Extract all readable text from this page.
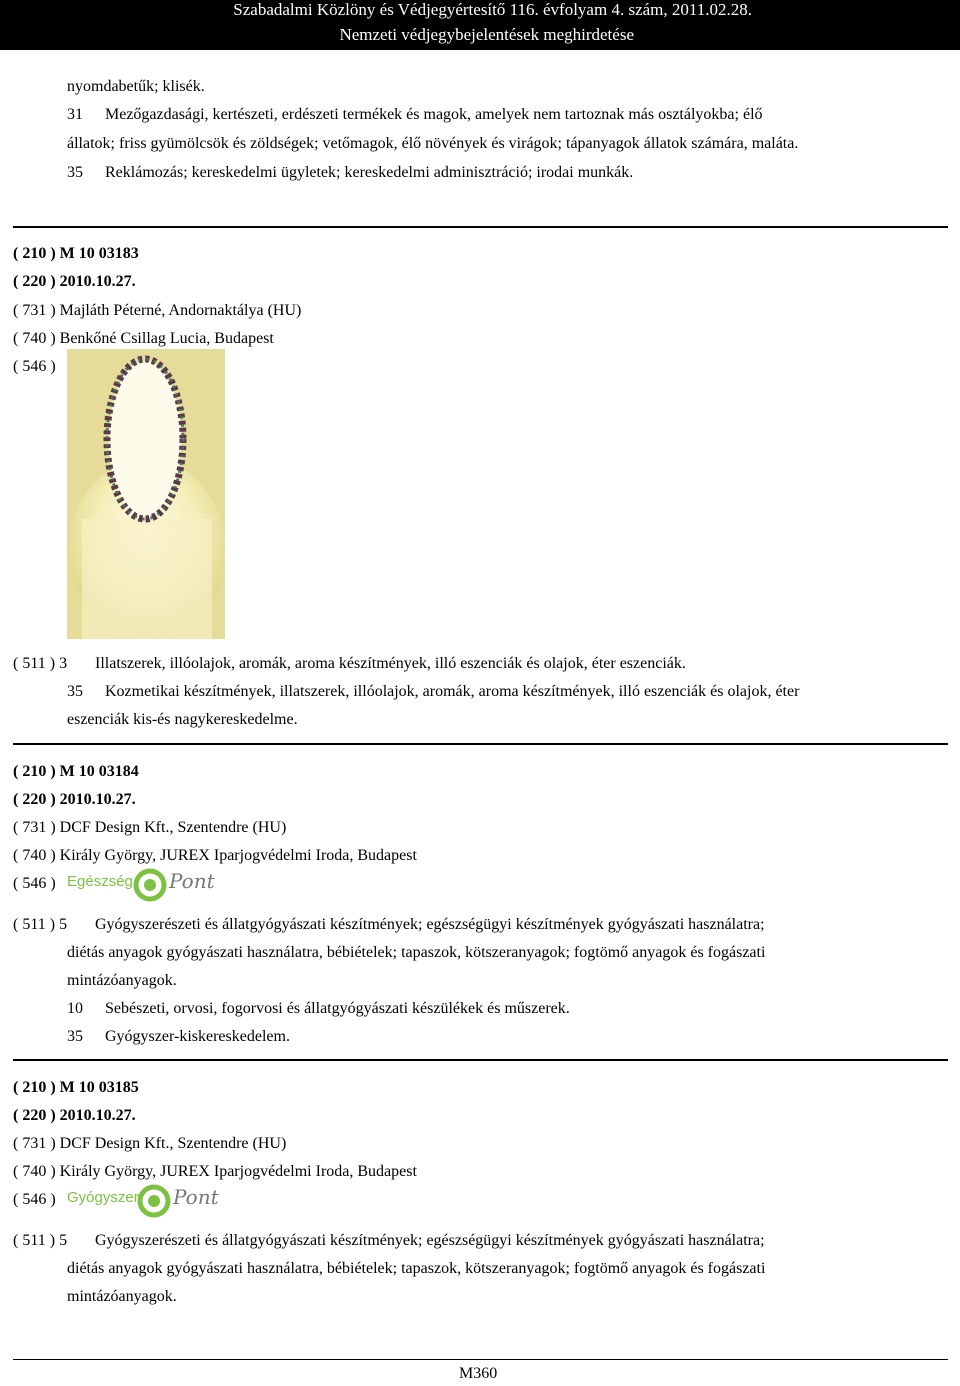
Szabadalmi Közlöny és Védjegyértesítő 116. évfolyam 4. szám, 2011.02.28.
Nemzeti védjegybejelentések meghirdetése
nyomdabetűk; klisék.
31 Mezőgazdasági, kertészeti, erdészeti termékek és magok, amelyek nem tartoznak más osztályokba; élő
állatok; friss gyümölcsök és zöldségek; vetőmagok, élő növények és virágok; tápanyagok állatok számára, maláta.
35 Reklámozás; kereskedelmi ügyletek; kereskedelmi adminisztráció; irodai munkák.
( 210 ) M 10 03183
( 220 ) 2010.10.27.
( 731 ) Majláth Péterné, Andornaktálya (HU)
( 740 ) Benkőné Csillag Lucia, Budapest
( 546 )
( 511 ) 3 Illatszerek, illóolajok, aromák, aroma készítmények, illó eszenciák és olajok, éter eszenciák.
35 Kozmetikai készítmények, illatszerek, illóolajok, aromák, aroma készítmények, illó eszenciák és olajok, éter
eszenciák kis-és nagykereskedelme.
( 210 ) M 10 03184
( 220 ) 2010.10.27.
( 731 ) DCF Design Kft., Szentendre (HU)
( 740 ) Király György, JUREX Iparjogvédelmi Iroda, Budapest
( 546 ) Egészség Pont
( 511 ) 5 Gyógyszerészeti és állatgyógyászati készítmények; egészségügyi készítmények gyógyászati használatra;
diétás anyagok gyógyászati használatra, bébiételek; tapaszok, kötszeranyagok; fogtömő anyagok és fogászati
mintázóanyagok.
10 Sebészeti, orvosi, fogorvosi és állatgyógyászati készülékek és műszerek.
35 Gyógyszer-kiskereskedelem.
( 210 ) M 10 03185
( 220 ) 2010.10.27.
( 731 ) DCF Design Kft., Szentendre (HU)
( 740 ) Király György, JUREX Iparjogvédelmi Iroda, Budapest
( 546 ) Gyógyszer Pont
( 511 ) 5 Gyógyszerészeti és állatgyógyászati készítmények; egészségügyi készítmények gyógyászati használatra;
diétás anyagok gyógyászati használatra, bébiételek; tapaszok, kötszeranyagok; fogtömő anyagok és fogászati
mintázóanyagok.
M360
